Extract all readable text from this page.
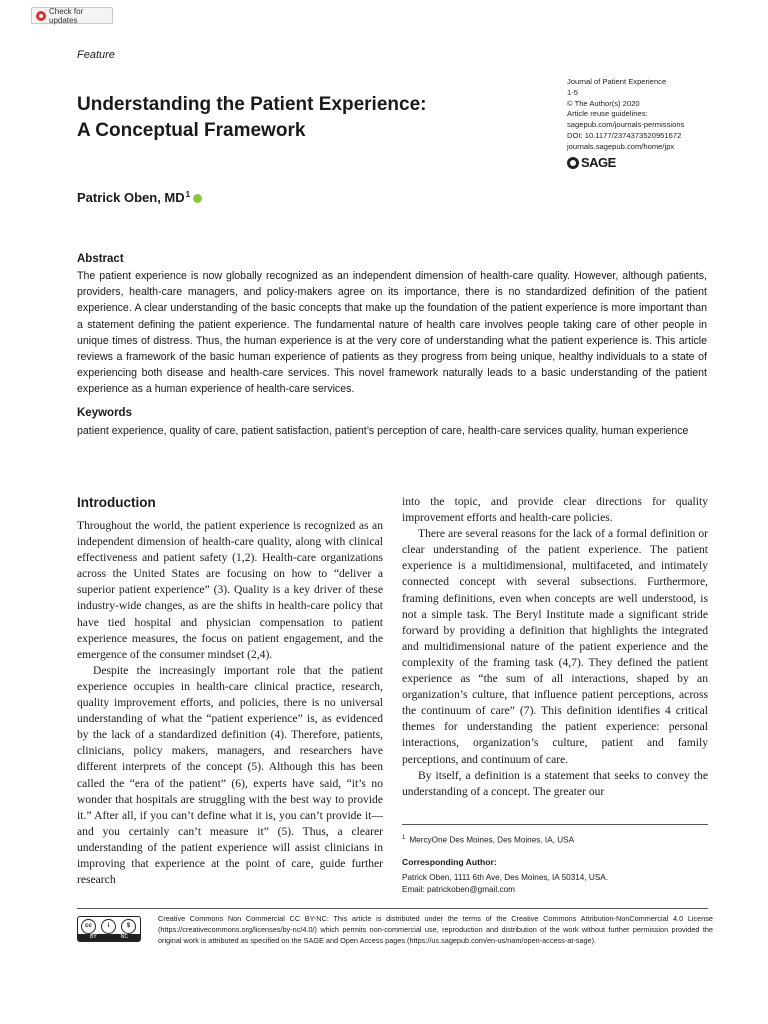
Check for updates
Feature
Understanding the Patient Experience:
A Conceptual Framework
Journal of Patient Experience
1-5
© The Author(s) 2020
Article reuse guidelines:
sagepub.com/journals-permissions
DOI: 10.1177/2374373520951672
journals.sagepub.com/home/jpx
SAGE
Patrick Oben, $MD^1$
Abstract

The patient experience is now globally recognized as an independent dimension of health-care quality. However, although patients, providers, health-care managers, and policy-makers agree on its importance, there is no standardized definition of the patient experience. A clear understanding of the basic concepts that make up the foundation of the patient experience is more important than a statement defining the patient experience. The fundamental nature of health care involves people taking care of other people in unique times of distress. Thus, the human experience is at the very core of understanding what the patient experience is. This article reviews a framework of the basic human experience of patients as they progress from being unique, healthy individuals to a state of experiencing both disease and health-care services. This novel framework naturally leads to a basic understanding of the patient experience as a human experience of health-care services.

Keywords

patient experience, quality of care, patient satisfaction, patient’s perception of care, health-care services quality, human experience

Introduction

Throughout the world, the patient experience is recognized as an independent dimension of health-care quality, along with clinical effectiveness and patient safety (1,2). Health-care organizations across the United States are focusing on how to “deliver a superior patient experience” (3). Quality is a key driver of these industry-wide changes, as are the shifts in health-care policy that have tied hospital and physician compensation to patient experience measures, the focus on patient engagement, and the emergence of the consumer mindset (2,4).

Despite the increasingly important role that the patient experience occupies in health-care clinical practice, research, quality improvement efforts, and policies, there is no universal understanding of what the “patient experience” is, as evidenced by the lack of a standardized definition (4). Therefore, patients, clinicians, policy makers, managers, and researchers have different interprets of the concept (5). Although this has been called the “era of the patient” (6), experts have said, “it’s no wonder that hospitals are struggling with the best way to provide it.” After all, if you can’t define what it is, you can’t provide it—and you certainly can’t measure it” (5). Thus, a clearer understanding of the patient experience will assist clinicians in improving that experience at the point of care, guide further research

into the topic, and provide clear directions for quality improvement efforts and health-care policies.

There are several reasons for the lack of a formal definition or clear understanding of the patient experience. The patient experience is a multidimensional, multifaceted, and intimately connected concept with several subsections. Furthermore, framing definitions, even when concepts are well understood, is not a simple task. The Beryl Institute made a significant stride forward by providing a definition that highlights the integrated and multidimensional nature of the patient experience and the complexity of the framing task (4,7). They defined the patient experience as “the sum of all interactions, shaped by an organization’s culture, that influence patient perceptions, across the continuum of care” (7). This definition identifies 4 critical themes for understanding the patient experience: personal interactions, organization’s culture, patient and family perceptions, and continuum of care.

By itself, a definition is a statement that seeks to convey the understanding of a concept. The greater our

$^1$ MercyOne Des Moines, Des Moines, IA, USA
Corresponding Author:
Patrick Oben, 1111 6th Ave, Des Moines, IA 50314, USA.
Email: patrickoben@gmail.com
cc	i	$
BY	NC

Creative Commons Non Commercial CC BY-NC: This article is distributed under the terms of the Creative Commons Attribution-NonCommercial 4.0 License (https://creativecommons.org/licenses/by-nc/4.0/) which permits non-commercial use, reproduction and distribution of the work without further permission provided the original work is attributed as specified on the SAGE and Open Access pages (https://us.sagepub.com/en-us/nam/open-access-at-sage).
